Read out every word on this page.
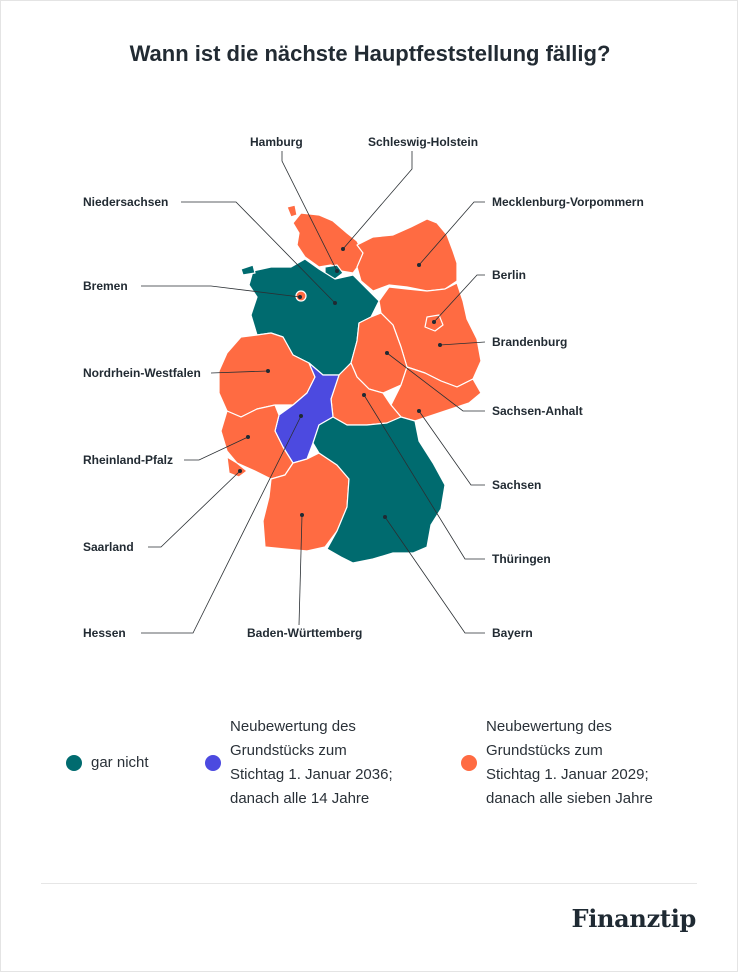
Wann ist die nächste Hauptfeststellung fällig?
Hamburg	Schleswig-Holstein
Niedersachsen	Mecklenburg-Vorpommern
Bremen
Berlin
Brandenburg
Nordrhein-Westfalen
Sachsen-Anhalt
Rheinland-Pfalz
Sachsen
Saarland
Thüringen
Hessen	Baden-Württemberg	Bayern
gar nicht
Neubewertung des
Grundstücks zum
Stichtag 1. Januar 2036;
danach alle 14 Jahre
Neubewertung des
Grundstücks zum
Stichtag 1. Januar 2029;
danach alle sieben Jahre
Finanztip
